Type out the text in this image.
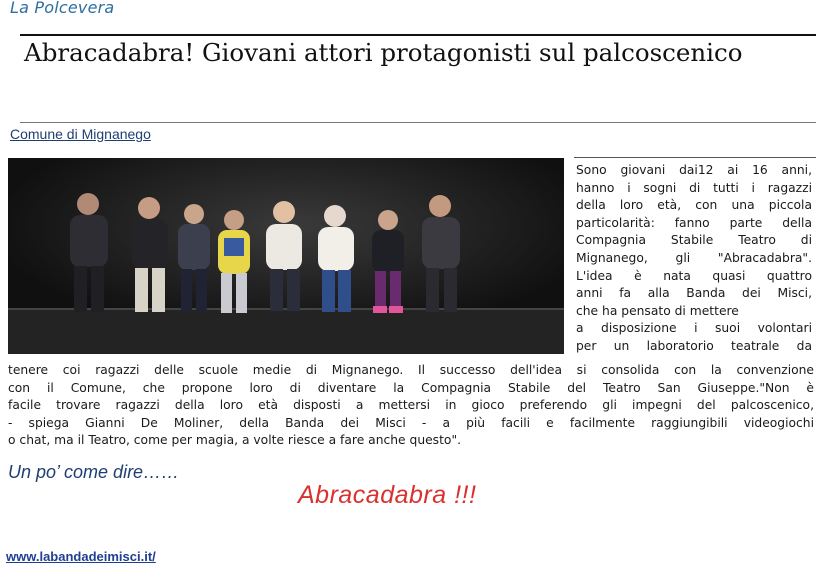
La Polcevera
Abracadabra! Giovani attori protagonisti sul palcoscenico
Comune di Mignanego
Sono giovani dai12 ai 16 anni,
hanno i sogni di tutti i ragazzi
della loro età, con una piccola
particolarità: fanno parte della
Compagnia Stabile Teatro di
Mignanego, gli "Abracadabra".
L'idea è nata quasi quattro
anni fa alla Banda dei Misci,
che ha pensato di mettere
a disposizione i suoi volontari
per un laboratorio teatrale da
tenere coi ragazzi delle scuole medie di Mignanego. Il successo dell'idea si consolida con la convenzione
con il Comune, che propone loro di diventare la Compagnia Stabile del Teatro San Giuseppe."Non è
facile trovare ragazzi della loro età disposti a mettersi in gioco preferendo gli impegni del palcoscenico,
- spiega Gianni De Moliner, della Banda dei Misci - a più facili e facilmente raggiungibili videogiochi
o chat, ma il Teatro, come per magia, a volte riesce a fare anche questo".
Un po’ come dire……
Abracadabra !!!
www.labandadeimisci.it/
